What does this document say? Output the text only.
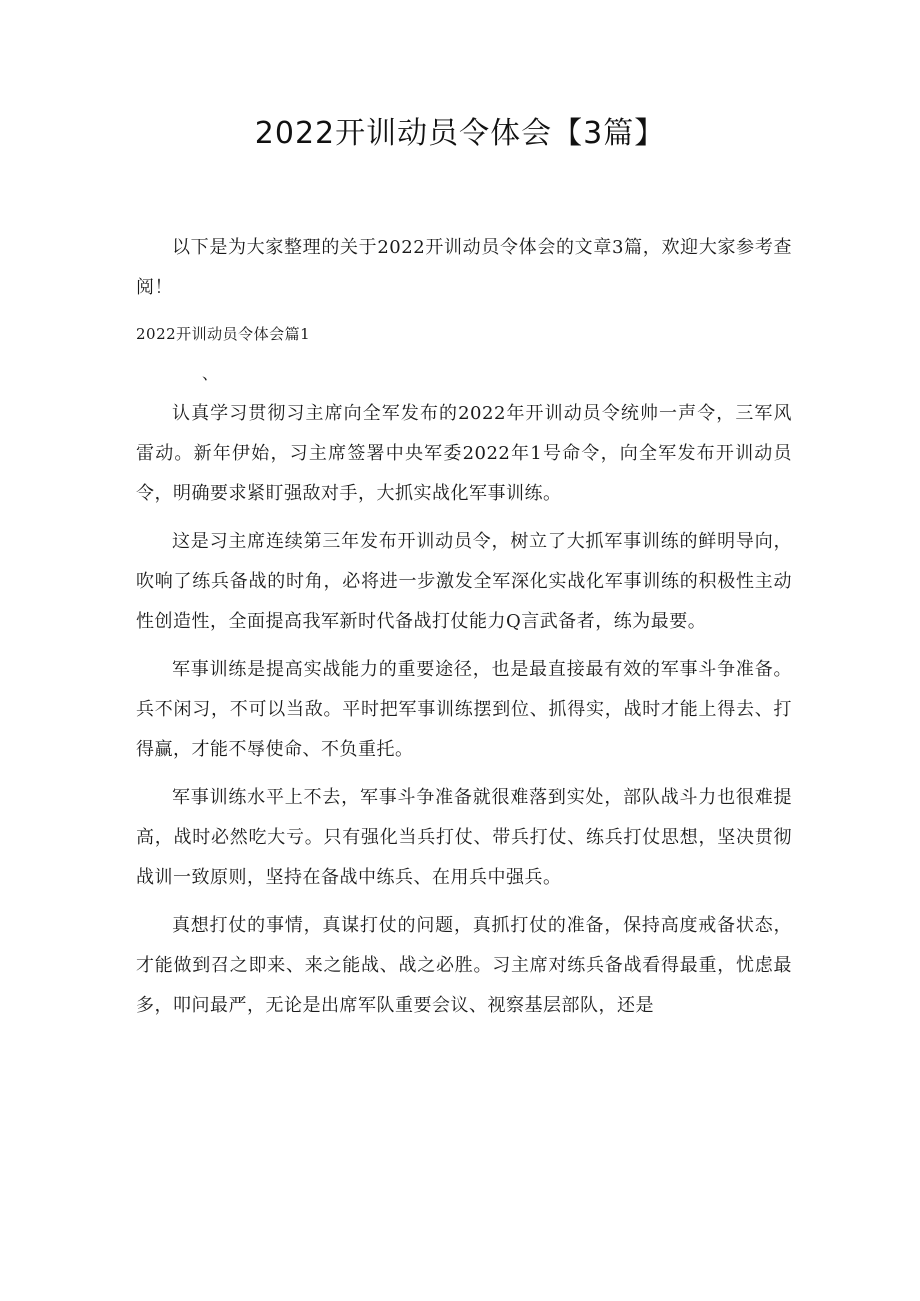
2022开训动员令体会【3篇】

以下是为大家整理的关于2022开训动员令体会的文章3篇，欢迎大家参考查阅！

2022开训动员令体会篇1

、

认真学习贯彻习主席向全军发布的2022年开训动员令统帅一声令，三军风雷动。新年伊始，习主席签署中央军委2022年1号命令，向全军发布开训动员令，明确要求紧盯强敌对手，大抓实战化军事训练。

这是习主席连续第三年发布开训动员令，树立了大抓军事训练的鲜明导向，吹响了练兵备战的时角，必将进一步激发全军深化实战化军事训练的积极性主动性创造性，全面提高我军新时代备战打仗能力Q言武备者，练为最要。

军事训练是提高实战能力的重要途径，也是最直接最有效的军事斗争准备。兵不闲习，不可以当敌。平时把军事训练摆到位、抓得实，战时才能上得去、打得赢，才能不辱使命、不负重托。

军事训练水平上不去，军事斗争准备就很难落到实处，部队战斗力也很难提高，战时必然吃大亏。只有强化当兵打仗、带兵打仗、练兵打仗思想，坚决贯彻战训一致原则，坚持在备战中练兵、在用兵中强兵。

真想打仗的事情，真谋打仗的问题，真抓打仗的准备，保持高度戒备状态，才能做到召之即来、来之能战、战之必胜。习主席对练兵备战看得最重，忧虑最多，叩问最严，无论是出席军队重要会议、视察基层部队，还是
